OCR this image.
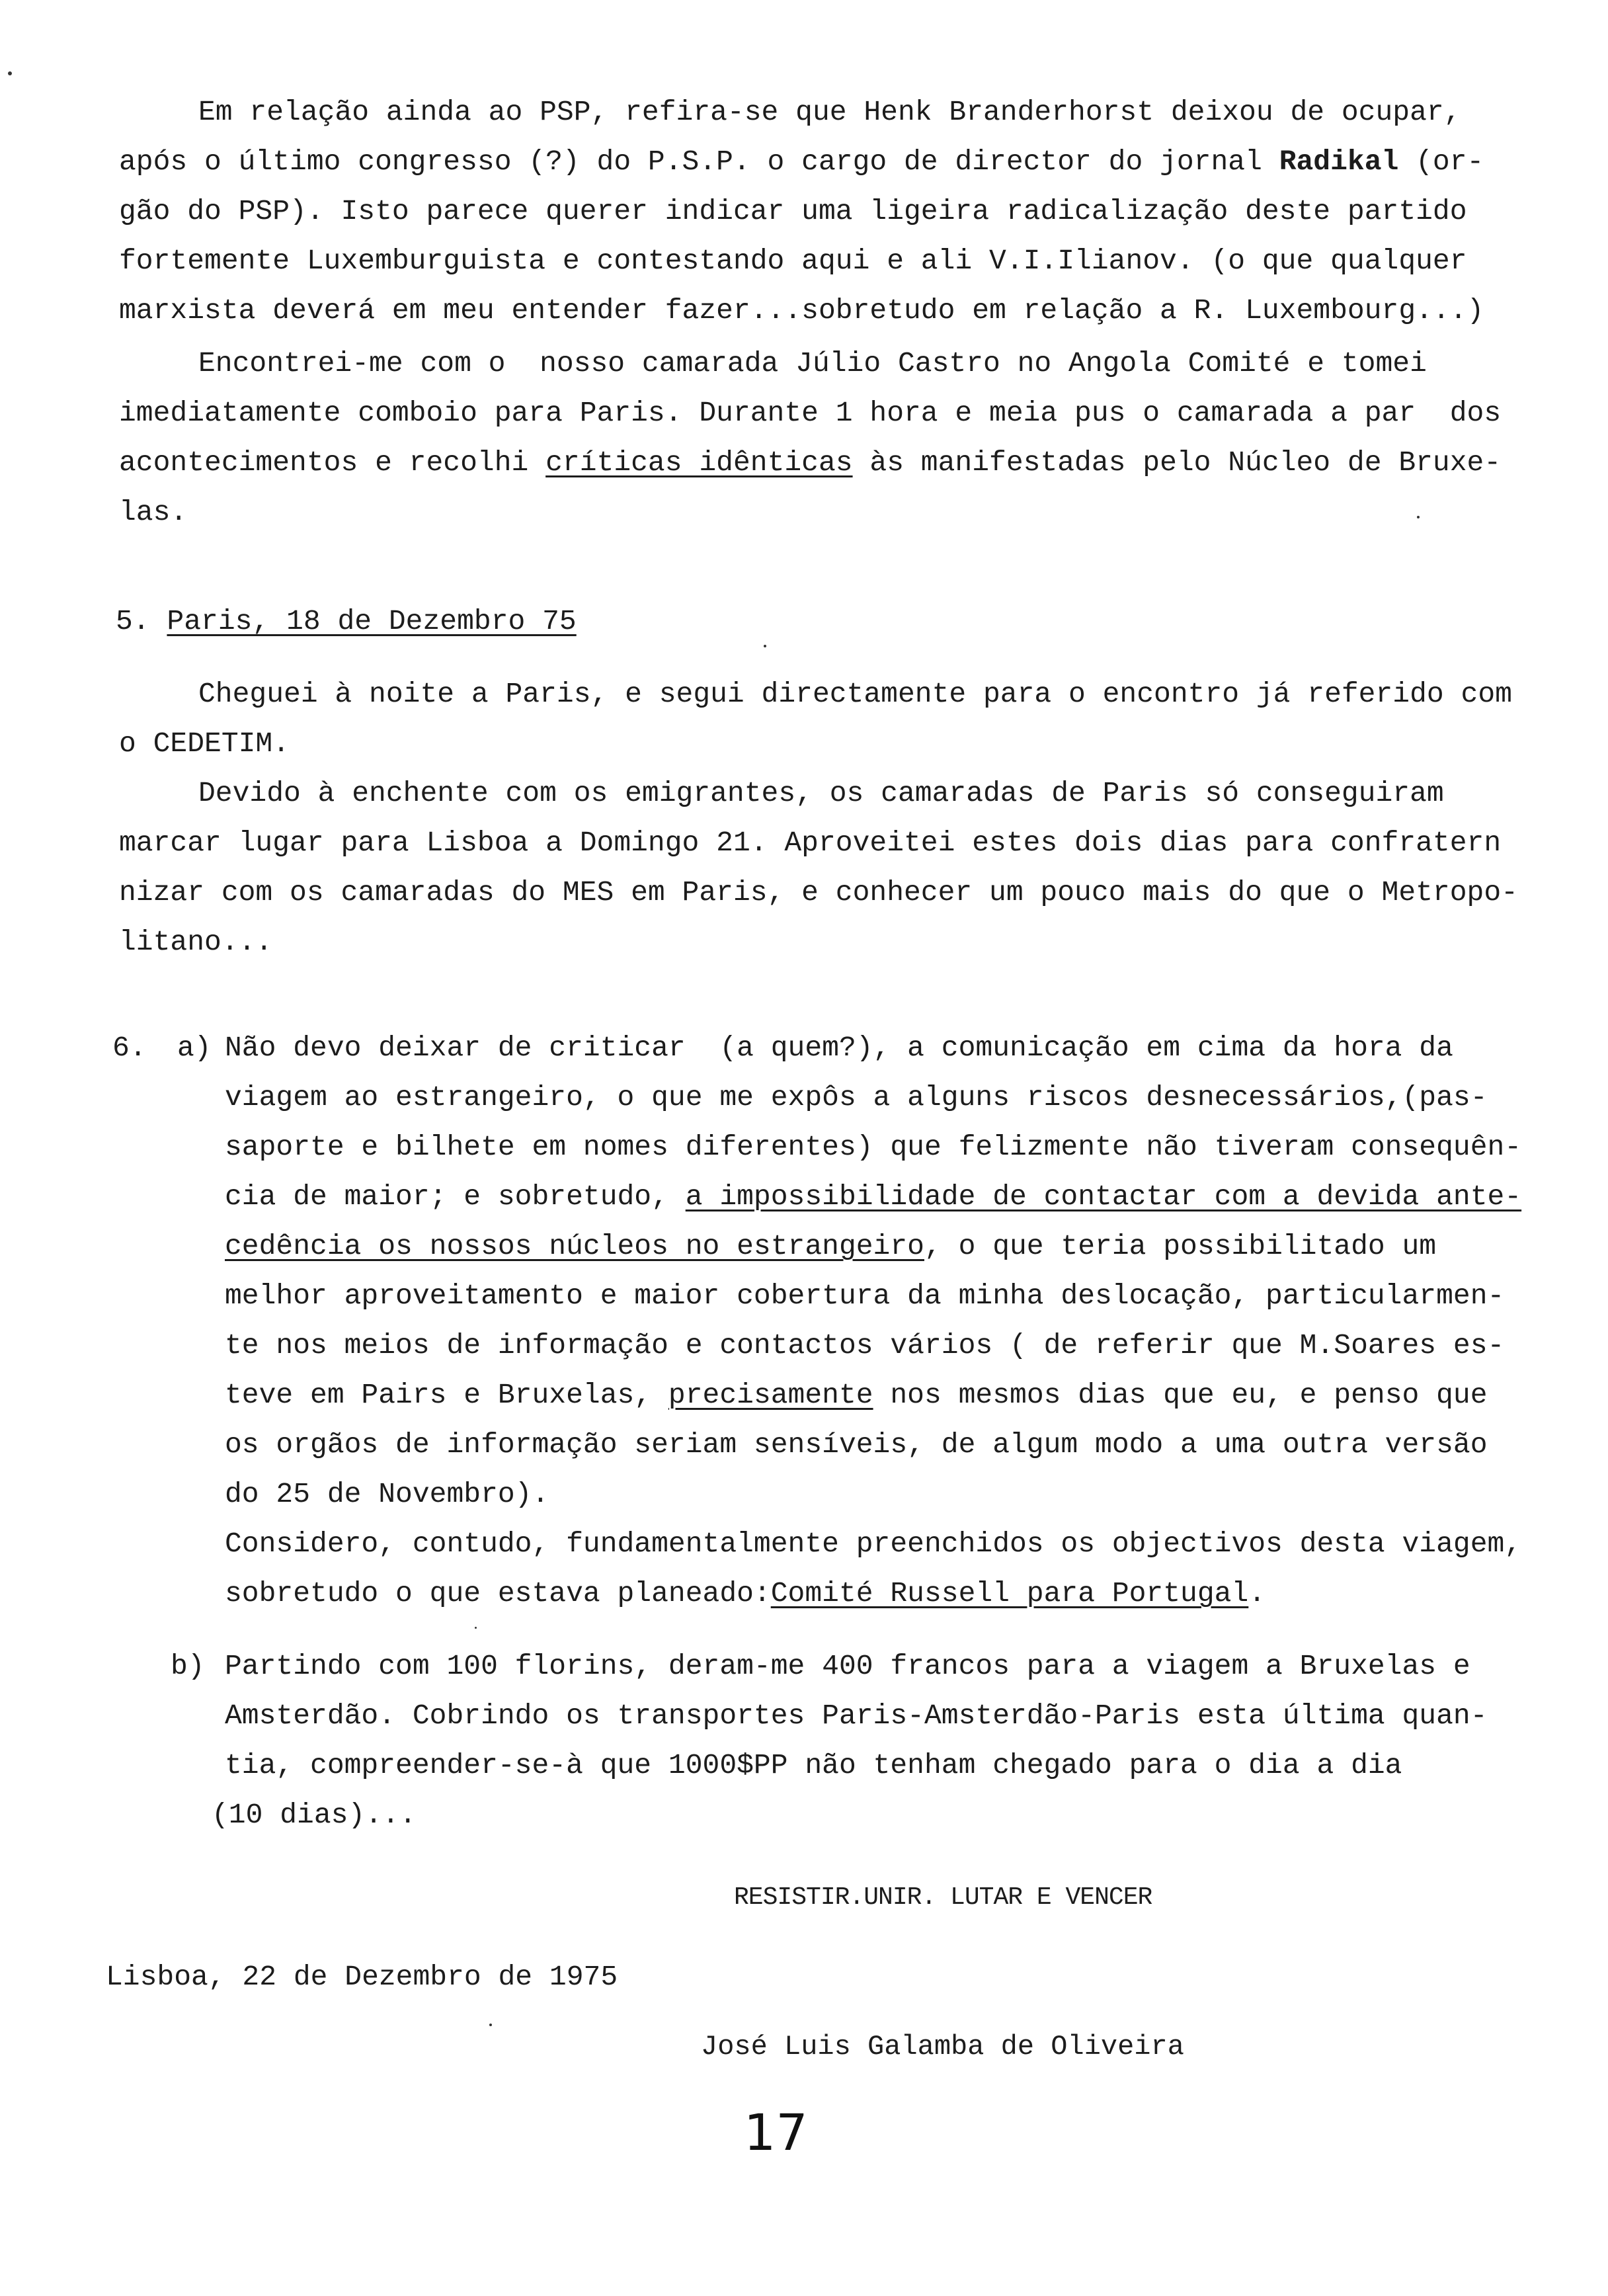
Em relação ainda ao PSP, refira-se que Henk Branderhorst deixou de ocupar,
após o último congresso (?) do P.S.P. o cargo de director do jornal Radikal (or-
gão do PSP). Isto parece querer indicar uma ligeira radicalização deste partido
fortemente Luxemburguista e contestando aqui e ali V.I.Ilianov. (o que qualquer
marxista deverá em meu entender fazer...sobretudo em relação a R. Luxembourg...)
Encontrei-me com o  nosso camarada Júlio Castro no Angola Comité e tomei
imediatamente comboio para Paris. Durante 1 hora e meia pus o camarada a par  dos
acontecimentos e recolhi críticas idênticas às manifestadas pelo Núcleo de Bruxe-
las.
5. Paris, 18 de Dezembro 75
Cheguei à noite a Paris, e segui directamente para o encontro já referido com
o CEDETIM.
Devido à enchente com os emigrantes, os camaradas de Paris só conseguiram
marcar lugar para Lisboa a Domingo 21. Aproveitei estes dois dias para confratern
nizar com os camaradas do MES em Paris, e conhecer um pouco mais do que o Metropo-
litano...
6. a) Não devo deixar de criticar  (a quem?), a comunicação em cima da hora da
viagem ao estrangeiro, o que me expôs a alguns riscos desnecessários,(pas-
saporte e bilhete em nomes diferentes) que felizmente não tiveram consequên-
cia de maior; e sobretudo, a impossibilidade de contactar com a devida ante-
cedência os nossos núcleos no estrangeiro, o que teria possibilitado um
melhor aproveitamento e maior cobertura da minha deslocação, particularmen-
te nos meios de informação e contactos vários ( de referir que M.Soares es-
teve em Pairs e Bruxelas, precisamente nos mesmos dias que eu, e penso que
os orgãos de informação seriam sensíveis, de algum modo a uma outra versão
do 25 de Novembro).
Considero, contudo, fundamentalmente preenchidos os objectivos desta viagem,
sobretudo o que estava planeado:Comité Russell para Portugal.
b) Partindo com 100 florins, deram-me 400 francos para a viagem a Bruxelas e
Amsterdão. Cobrindo os transportes Paris-Amsterdão-Paris esta última quan-
tia, compreender-se-à que 1000$PP não tenham chegado para o dia a dia
(10 dias)...
RESISTIR.UNIR. LUTAR E VENCER
Lisboa, 22 de Dezembro de 1975
José Luis Galamba de Oliveira
17
